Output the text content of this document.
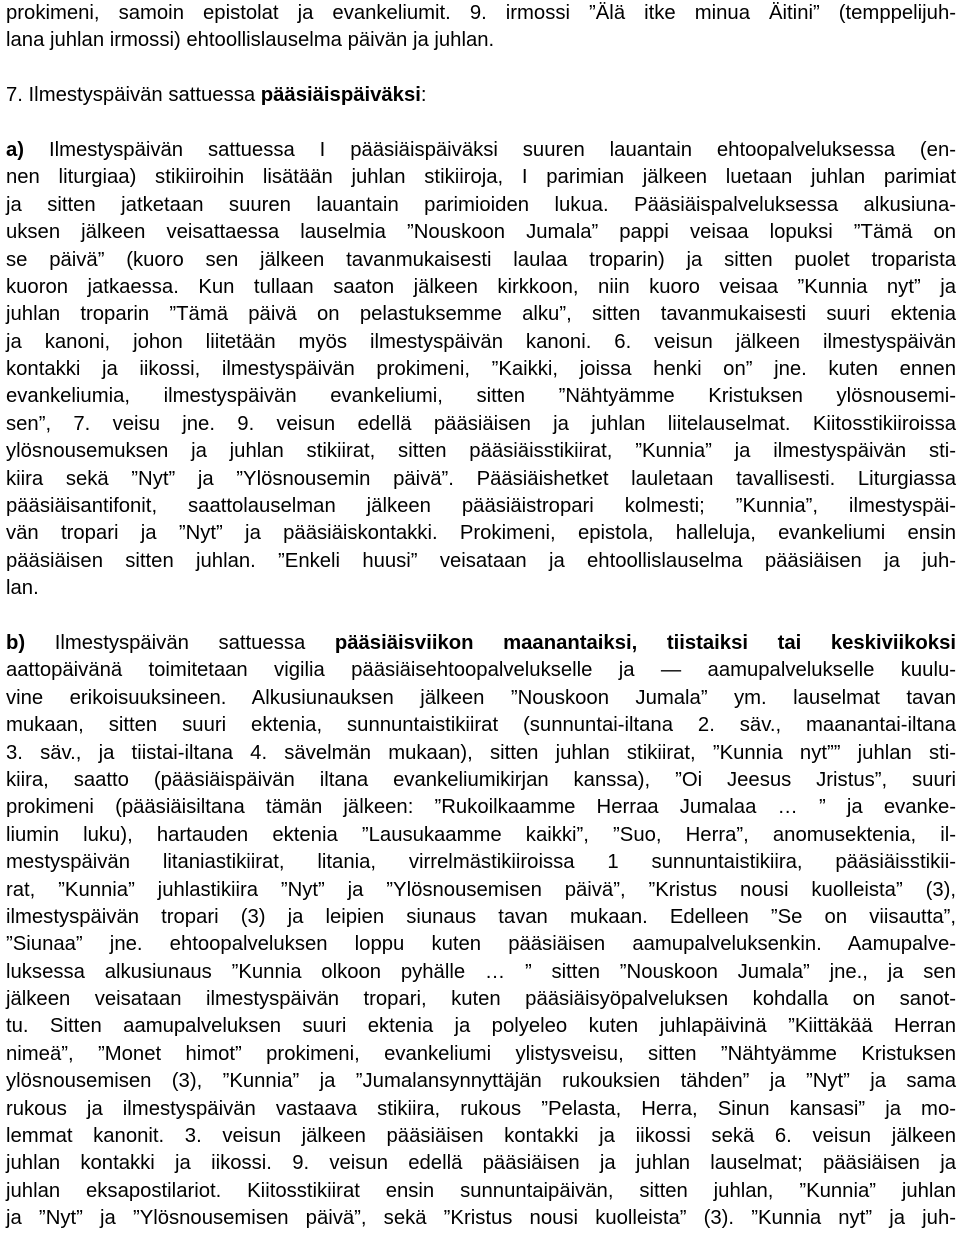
prokimeni, samoin epistolat ja evankeliumit. 9. irmossi ”Älä itke minua Äitini” (temppelijuh-
lana juhlan irmossi) ehtoollislauselma päivän ja juhlan.
7. Ilmestyspäivän sattuessa pääsiäispäiväksi:
a) Ilmestyspäivän sattuessa I pääsiäispäiväksi suuren lauantain ehtoopalveluksessa (en-
nen liturgiaa) stikiiroihin lisätään juhlan stikiiroja, I parimian jälkeen luetaan juhlan parimiat
ja sitten jatketaan suuren lauantain parimioiden lukua. Pääsiäispalveluksessa alkusiuna-
uksen jälkeen veisattaessa lauselmia ”Nouskoon Jumala” pappi veisaa lopuksi ”Tämä on
se päivä” (kuoro sen jälkeen tavanmukaisesti laulaa troparin) ja sitten puolet troparista
kuoron jatkaessa. Kun tullaan saaton jälkeen kirkkoon, niin kuoro veisaa ”Kunnia nyt” ja
juhlan troparin ”Tämä päivä on pelastuksemme alku”, sitten tavanmukaisesti suuri ektenia
ja kanoni, johon liitetään myös ilmestyspäivän kanoni. 6. veisun jälkeen ilmestyspäivän
kontakki ja iikossi, ilmestyspäivän prokimeni, ”Kaikki, joissa henki on” jne. kuten ennen
evankeliumia, ilmestyspäivän evankeliumi, sitten ”Nähtyämme Kristuksen ylösnousemi-
sen”, 7. veisu jne. 9. veisun edellä pääsiäisen ja juhlan liitelauselmat. Kiitosstikiiroissa
ylösnousemuksen ja juhlan stikiirat, sitten pääsiäisstikiirat, ”Kunnia” ja ilmestyspäivän sti-
kiira sekä ”Nyt” ja ”Ylösnousemin päivä”. Pääsiäishetket lauletaan tavallisesti. Liturgiassa
pääsiäisantifonit, saattolauselman jälkeen pääsiäistropari kolmesti; ”Kunnia”, ilmestyspäi-
vän tropari ja ”Nyt” ja pääsiäiskontakki. Prokimeni, epistola, halleluja, evankeliumi ensin
pääsiäisen sitten juhlan. ”Enkeli huusi” veisataan ja ehtoollislauselma pääsiäisen ja juh-
lan.
b) Ilmestyspäivän sattuessa pääsiäisviikon maanantaiksi, tiistaiksi tai keskiviikoksi
aattopäivänä toimitetaan vigilia pääsiäisehtoopalvelukselle ja — aamupalvelukselle kuulu-
vine erikoisuuksineen. Alkusiunauksen jälkeen ”Nouskoon Jumala” ym. lauselmat tavan
mukaan, sitten suuri ektenia, sunnuntaistikiirat (sunnuntai-iltana 2. säv., maanantai-iltana
3. säv., ja tiistai-iltana 4. sävelmän mukaan), sitten juhlan stikiirat, ”Kunnia nyt”” juhlan sti-
kiira, saatto (pääsiäispäivän iltana evankeliumikirjan kanssa), ”Oi Jeesus Jristus”, suuri
prokimeni (pääsiäisiltana tämän jälkeen: ”Rukoilkaamme Herraa Jumalaa … ” ja evanke-
liumin luku), hartauden ektenia ”Lausukaamme kaikki”, ”Suo, Herra”, anomusektenia, il-
mestyspäivän litaniastikiirat, litania, virrelmästikiiroissa 1 sunnuntaistikiira, pääsiäisstikii-
rat, ”Kunnia” juhlastikiira ”Nyt” ja ”Ylösnousemisen päivä”, ”Kristus nousi kuolleista” (3),
ilmestyspäivän tropari (3) ja leipien siunaus tavan mukaan. Edelleen ”Se on viisautta”,
”Siunaa” jne. ehtoopalveluksen loppu kuten pääsiäisen aamupalveluksenkin. Aamupalve-
luksessa alkusiunaus ”Kunnia olkoon pyhälle … ” sitten ”Nouskoon Jumala” jne., ja sen
jälkeen veisataan ilmestyspäivän tropari, kuten pääsiäisyöpalveluksen kohdalla on sanot-
tu. Sitten aamupalveluksen suuri ektenia ja polyeleo kuten juhlapäivinä ”Kiittäkää Herran
nimeä”, ”Monet himot” prokimeni, evankeliumi ylistysveisu, sitten ”Nähtyämme Kristuksen
ylösnousemisen (3), ”Kunnia” ja ”Jumalansynnyttäjän rukouksien tähden” ja ”Nyt” ja sama
rukous ja ilmestyspäivän vastaava stikiira, rukous ”Pelasta, Herra, Sinun kansasi” ja mo-
lemmat kanonit. 3. veisun jälkeen pääsiäisen kontakki ja iikossi sekä 6. veisun jälkeen
juhlan kontakki ja iikossi. 9. veisun edellä pääsiäisen ja juhlan lauselmat; pääsiäisen ja
juhlan eksapostilariot. Kiitosstikiirat ensin sunnuntaipäivän, sitten juhlan, ”Kunnia” juhlan
ja ”Nyt” ja ”Ylösnousemisen päivä”, sekä ”Kristus nousi kuolleista” (3). ”Kunnia nyt” ja juh-
